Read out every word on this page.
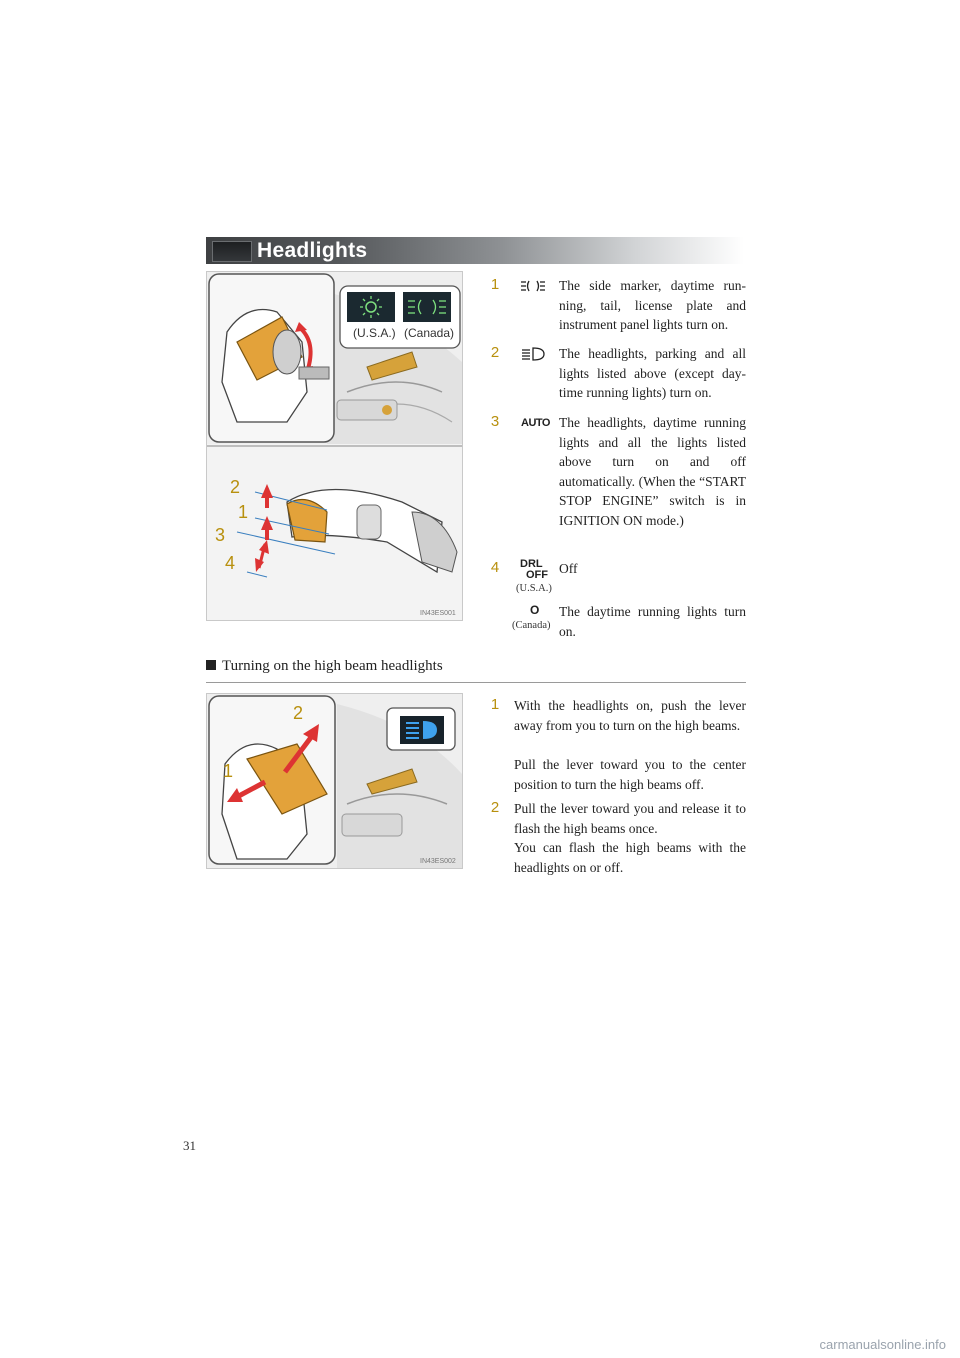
Headlights
(U.S.A.) (Canada)
2
1
3
4
IN43ES001
1	The side marker, daytime run-ning, tail, license plate and instrument panel lights turn on.
2	The headlights, parking and all lights listed above (except day-time running lights) turn on.
3 AUTO The headlights, daytime running lights and all the lights listed above turn on and off automatically. (When the “START STOP ENGINE” switch is in IGNITION ON mode.)
4 DRL
OFF
(U.S.A.)
Off
O
(Canada)
The daytime running lights turn on.
Turning on the high beam headlights
2
1
IN43ES002
1 With the headlights on, push the lever away from you to turn on the high beams.
Pull the lever toward you to the center position to turn the high beams off.
2 Pull the lever toward you and release it to flash the high beams once.
You can flash the high beams with the headlights on or off.
31
carmanualsonline.info
